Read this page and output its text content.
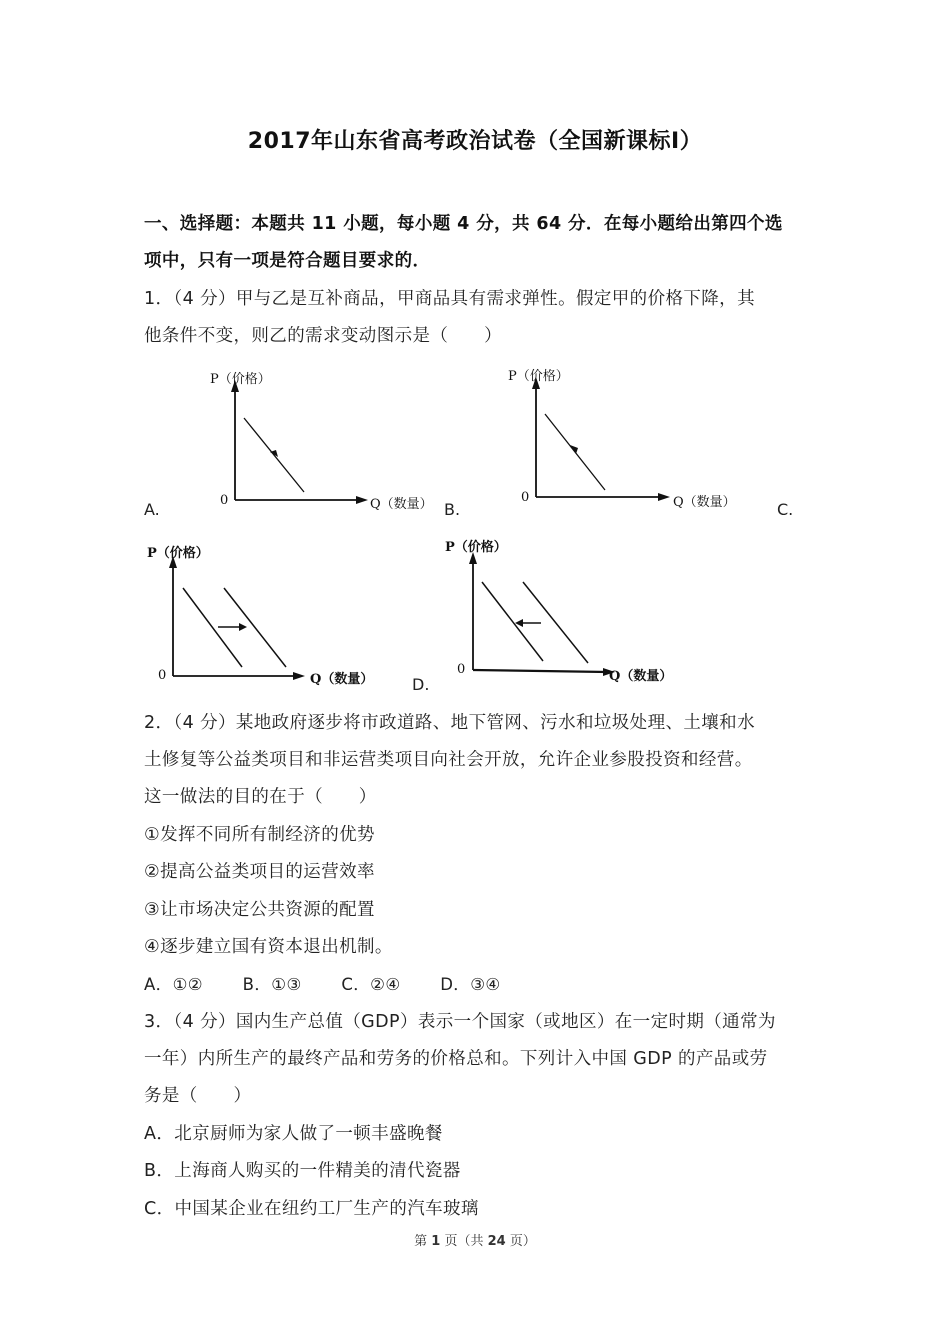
2017年山东省高考政治试卷（全国新课标Ⅰ）
一、选择题：本题共 11 小题，每小题 4 分，共 64 分．在每小题给出第四个选
项中，只有一项是符合题目要求的．
1．（4 分）甲与乙是互补商品，甲商品具有需求弹性。假定甲的价格下降，其
他条件不变，则乙的需求变动图示是（　　）
A.
P（价格）
0	Q（数量） B.
P（价格）
0	Q（数量）	C.
P（价格）
0	Q（数量） D.
P（价格）
0	Q（数量）
2．（4 分）某地政府逐步将市政道路、地下管网、污水和垃圾处理、土壤和水
土修复等公益类项目和非运营类项目向社会开放，允许企业参股投资和经营。
这一做法的目的在于（　　）
①发挥不同所有制经济的优势
②提高公益类项目的运营效率
③让市场决定公共资源的配置
④逐步建立国有资本退出机制。
A．①② B．①③ C．②④ D．③④
3．（4 分）国内生产总值（GDP）表示一个国家（或地区）在一定时期（通常为
一年）内所生产的最终产品和劳务的价格总和。下列计入中国 GDP 的产品或劳
务是（　　）
A．北京厨师为家人做了一顿丰盛晚餐
B．上海商人购买的一件精美的清代瓷器
C．中国某企业在纽约工厂生产的汽车玻璃
第 1 页（共 24 页）
